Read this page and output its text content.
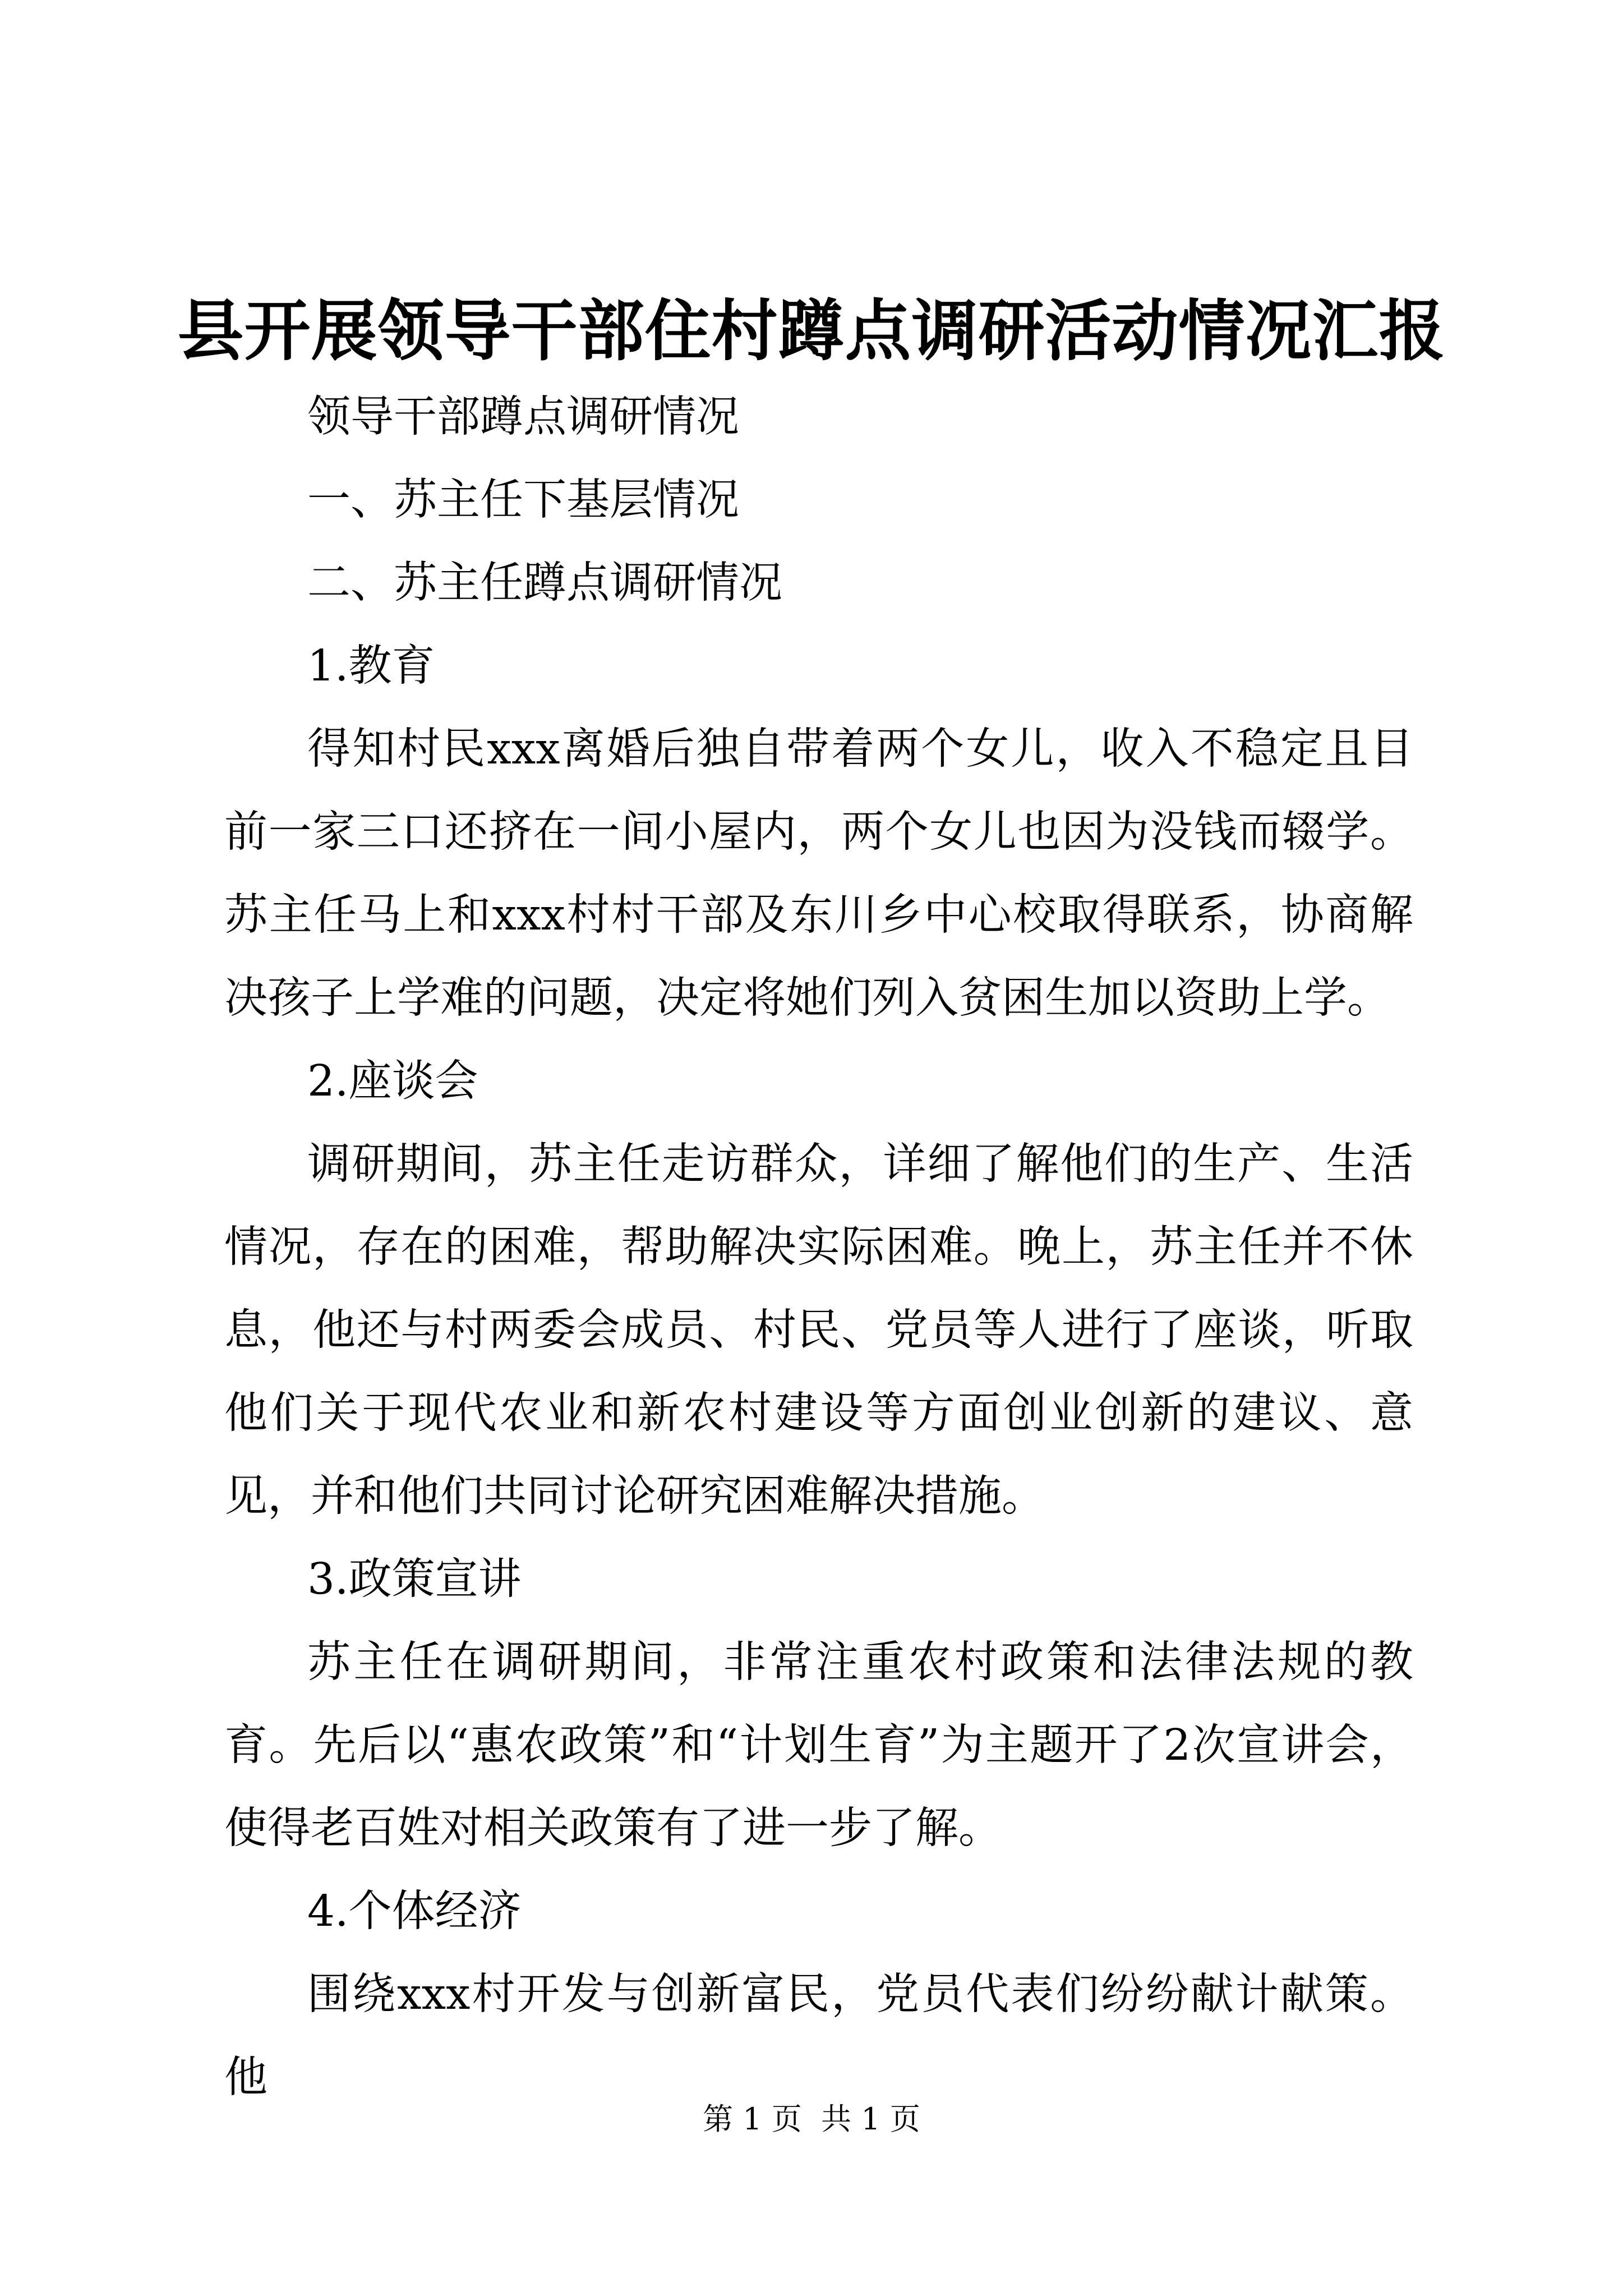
县开展领导干部住村蹲点调研活动情况汇报

领导干部蹲点调研情况

一、苏主任下基层情况

二、苏主任蹲点调研情况

1.教育

得知村民xxx离婚后独自带着两个女儿，收入不稳定且目前一家三口还挤在一间小屋内，两个女儿也因为没钱而辍学。苏主任马上和xxx村村干部及东川乡中心校取得联系，协商解决孩子上学难的问题，决定将她们列入贫困生加以资助上学。

2.座谈会

调研期间，苏主任走访群众，详细了解他们的生产、生活情况，存在的困难，帮助解决实际困难。晚上，苏主任并不休息，他还与村两委会成员、村民、党员等人进行了座谈，听取他们关于现代农业和新农村建设等方面创业创新的建议、意见，并和他们共同讨论研究困难解决措施。

3.政策宣讲

苏主任在调研期间，非常注重农村政策和法律法规的教育。先后以“惠农政策”和“计划生育”为主题开了2次宣讲会，使得老百姓对相关政策有了进一步了解。

4.个体经济

围绕xxx村开发与创新富民，党员代表们纷纷献计献策。他

第 1 页  共 1 页
